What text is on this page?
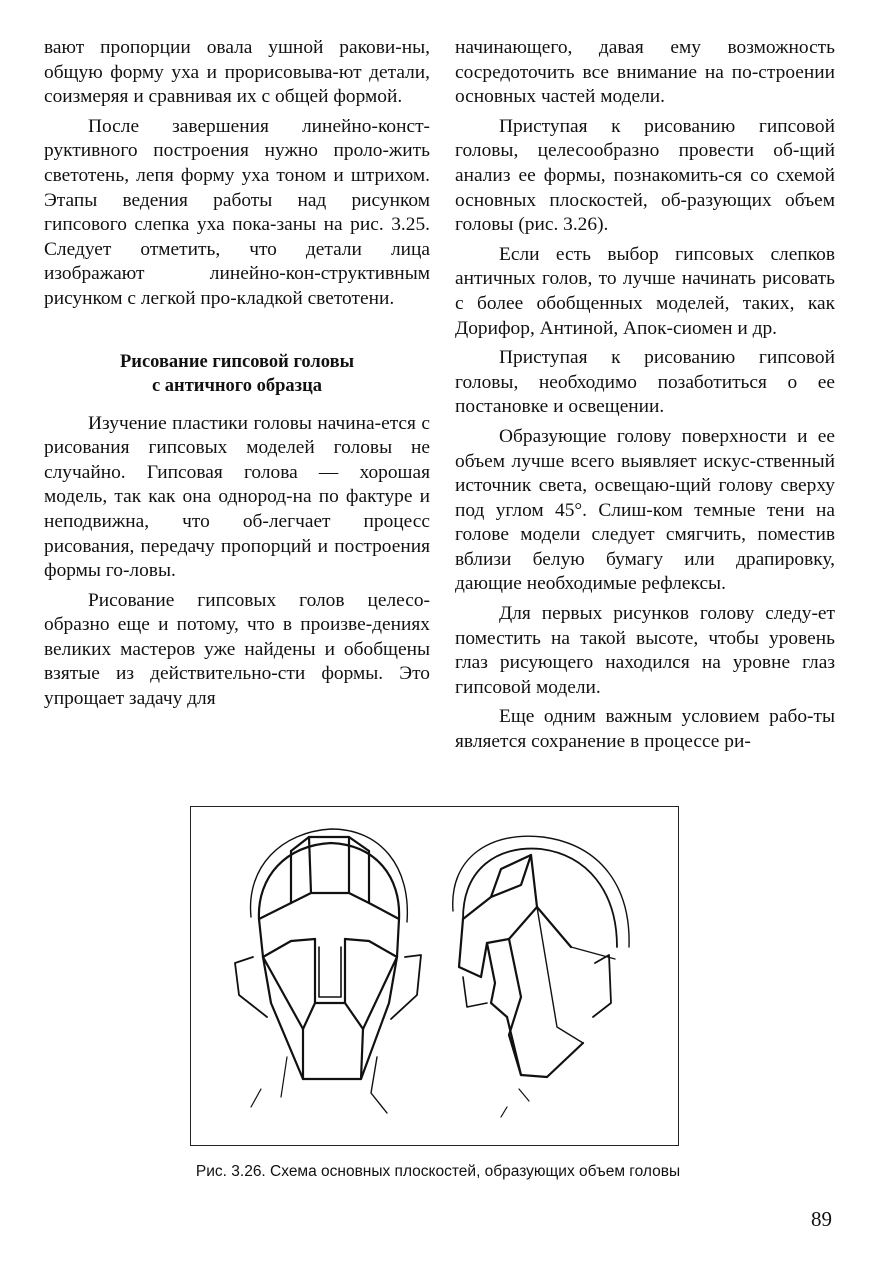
вают пропорции овала ушной ракови-ны, общую форму уха и прорисовыва-ют детали, соизмеряя и сравнивая их с общей формой.

После завершения линейно-конст-руктивного построения нужно проло-жить светотень, лепя форму уха тоном и штрихом. Этапы ведения работы над рисунком гипсового слепка уха пока-заны на рис. 3.25. Следует отметить, что детали лица изображают линейно-кон-структивным рисунком с легкой про-кладкой светотени.

Рисование гипсовой головы
с античного образца

Изучение пластики головы начина-ется с рисования гипсовых моделей головы не случайно. Гипсовая голова — хорошая модель, так как она однород-на по фактуре и неподвижна, что об-легчает процесс рисования, передачу пропорций и построения формы го-ловы.

Рисование гипсовых голов целесо-образно еще и потому, что в произве-дениях великих мастеров уже найдены и обобщены взятые из действительно-сти формы. Это упрощает задачу для

начинающего, давая ему возможность сосредоточить все внимание на по-строении основных частей модели.

Приступая к рисованию гипсовой головы, целесообразно провести об-щий анализ ее формы, познакомить-ся со схемой основных плоскостей, об-разующих объем головы (рис. 3.26).

Если есть выбор гипсовых слепков античных голов, то лучше начинать рисовать с более обобщенных моделей, таких, как Дорифор, Антиной, Апок-сиомен и др.

Приступая к рисованию гипсовой головы, необходимо позаботиться о ее постановке и освещении.

Образующие голову поверхности и ее объем лучше всего выявляет искус-ственный источник света, освещаю-щий голову сверху под углом 45°. Слиш-ком темные тени на голове модели следует смягчить, поместив вблизи белую бумагу или драпировку, дающие необходимые рефлексы.

Для первых рисунков голову следу-ет поместить на такой высоте, чтобы уровень глаз рисующего находился на уровне глаз гипсовой модели.

Еще одним важным условием рабо-ты является сохранение в процессе ри-

Рис. 3.26. Схема основных плоскостей, образующих объем головы
89
